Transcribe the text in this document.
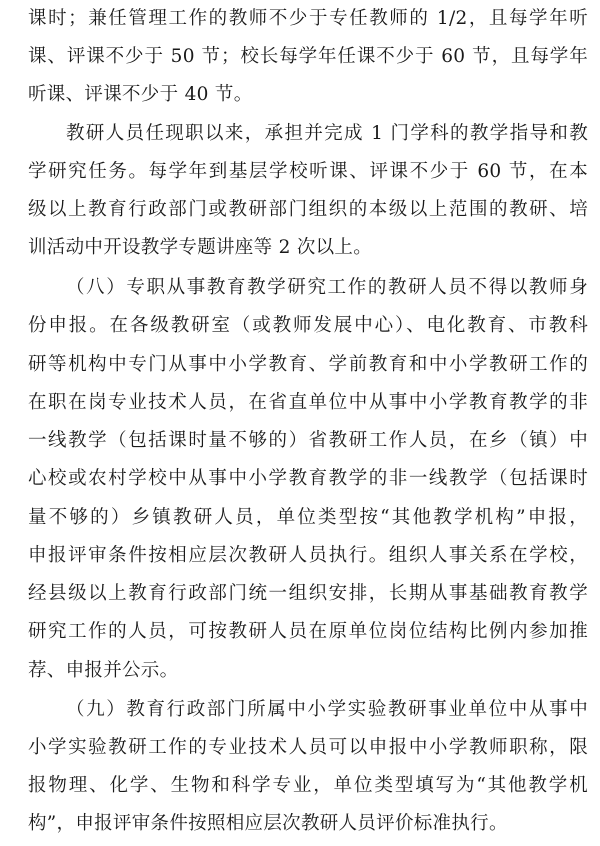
课时；兼任管理工作的教师不少于专任教师的 1/2，且每学年听
课、评课不少于 50 节；校长每学年任课不少于 60 节，且每学年
听课、评课不少于 40 节。
教研人员任现职以来，承担并完成 1 门学科的教学指导和教
学研究任务。每学年到基层学校听课、评课不少于 60 节，在本
级以上教育行政部门或教研部门组织的本级以上范围的教研、培
训活动中开设教学专题讲座等 2 次以上。
（八）专职从事教育教学研究工作的教研人员不得以教师身
份申报。在各级教研室（或教师发展中心）、电化教育、市教科
研等机构中专门从事中小学教育、学前教育和中小学教研工作的
在职在岗专业技术人员，在省直单位中从事中小学教育教学的非
一线教学（包括课时量不够的）省教研工作人员，在乡（镇）中
心校或农村学校中从事中小学教育教学的非一线教学（包括课时
量不够的）乡镇教研人员，单位类型按“其他教学机构”申报，
申报评审条件按相应层次教研人员执行。组织人事关系在学校，
经县级以上教育行政部门统一组织安排，长期从事基础教育教学
研究工作的人员，可按教研人员在原单位岗位结构比例内参加推
荐、申报并公示。
（九）教育行政部门所属中小学实验教研事业单位中从事中
小学实验教研工作的专业技术人员可以申报中小学教师职称，限
报物理、化学、生物和科学专业，单位类型填写为“其他教学机
构”，申报评审条件按照相应层次教研人员评价标准执行。
